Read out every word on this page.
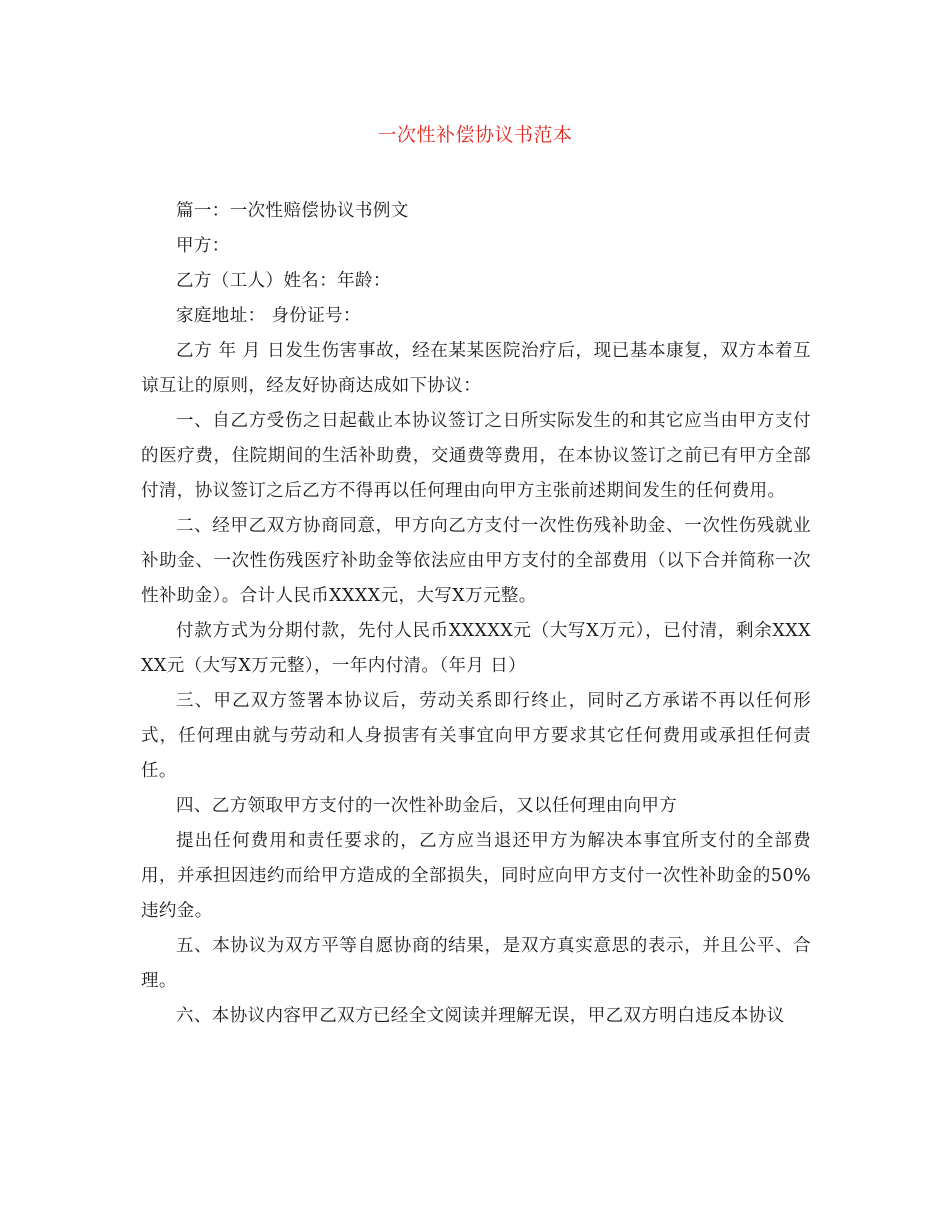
一次性补偿协议书范本

篇一：一次性赔偿协议书例文

甲方：

乙方（工人）姓名：年龄：

家庭地址： 身份证号：

乙方 年 月 日发生伤害事故，经在某某医院治疗后，现已基本康复，双方本着互谅互让的原则，经友好协商达成如下协议：

一、自乙方受伤之日起截止本协议签订之日所实际发生的和其它应当由甲方支付的医疗费，住院期间的生活补助费，交通费等费用，在本协议签订之前已有甲方全部付清，协议签订之后乙方不得再以任何理由向甲方主张前述期间发生的任何费用。

二、经甲乙双方协商同意，甲方向乙方支付一次性伤残补助金、一次性伤残就业补助金、一次性伤残医疗补助金等依法应由甲方支付的全部费用（以下合并简称一次性补助金）。合计人民币XXXX元，大写X万元整。

付款方式为分期付款，先付人民币XXXXX元（大写X万元），已付清，剩余XXXXX元（大写X万元整），一年内付清。（年月 日）

三、甲乙双方签署本协议后，劳动关系即行终止，同时乙方承诺不再以任何形式，任何理由就与劳动和人身损害有关事宜向甲方要求其它任何费用或承担任何责任。

四、乙方领取甲方支付的一次性补助金后，又以任何理由向甲方

提出任何费用和责任要求的，乙方应当退还甲方为解决本事宜所支付的全部费用，并承担因违约而给甲方造成的全部损失，同时应向甲方支付一次性补助金的50%违约金。

五、本协议为双方平等自愿协商的结果，是双方真实意思的表示，并且公平、合理。

六、本协议内容甲乙双方已经全文阅读并理解无误，甲乙双方明白违反本协议
